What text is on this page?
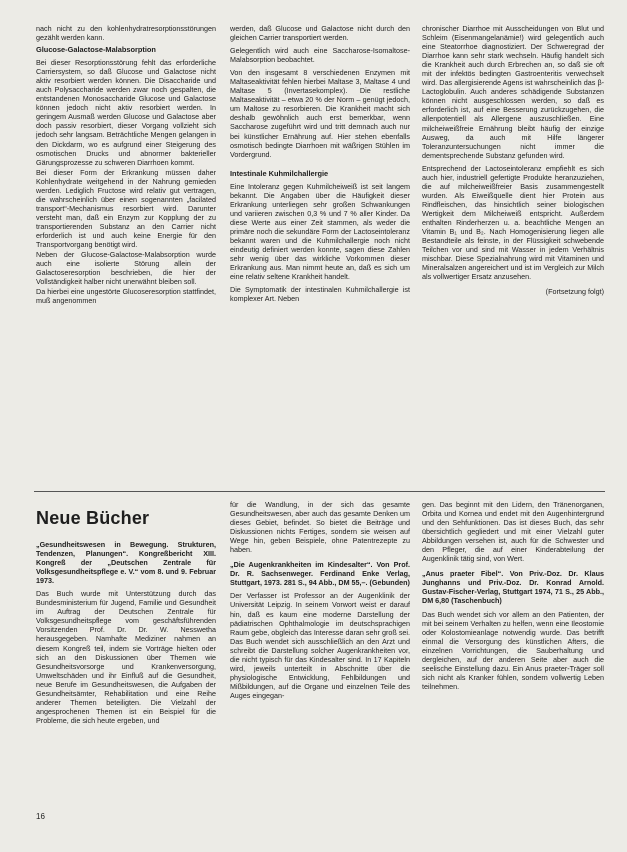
nach nicht zu den kohlenhydratresorptionsstörungen gezählt werden kann.

Glucose-Galactose-Malabsorption

Bei dieser Resorptionsstörung fehlt das erforderliche Carriersystem, so daß Glucose und Galactose nicht aktiv resorbiert werden können. Die Disaccharide und auch Polysaccharide werden zwar noch gespalten, die entstandenen Monosaccharide Glucose und Galactose können jedoch nicht aktiv resorbiert werden. In geringem Ausmaß werden Glucose und Galactose aber doch passiv resorbiert, dieser Vorgang vollzieht sich jedoch sehr langsam. Beträchtliche Mengen gelangen in den Dickdarm, wo es aufgrund einer Steigerung des osmotischen Drucks und abnormer bakterieller Gärungsprozesse zu schweren Diarrhoen kommt.

Bei dieser Form der Erkrankung müssen daher Kohlenhydrate weitgehend in der Nahrung gemieden werden. Lediglich Fructose wird relativ gut vertragen, die wahrscheinlich über einen sogenannten „facilated transport“-Mechanismus resorbiert wird. Darunter versteht man, daß ein Enzym zur Kopplung der zu transportierenden Substanz an den Carrier nicht erforderlich ist und auch keine Energie für den Transportvorgang benötigt wird.

Neben der Glucose-Galactose-Malabsorption wurde auch eine isolierte Störung allein der Galactoseresorption beschrieben, die hier der Vollständigkeit halber nicht unerwähnt bleiben soll.

Da hierbei eine ungestörte Glucoseresorption stattfindet, muß angenommen

werden, daß Glucose und Galactose nicht durch den gleichen Carrier transportiert werden.

Gelegentlich wird auch eine Saccharose-Isomaltose-Malabsorption beobachtet.

Von den insgesamt 8 verschiedenen Enzymen mit Maltaseaktivität fehlen hierbei Maltase 3, Maltase 4 und Maltase 5 (Invertasekomplex). Die restliche Maltaseaktivität – etwa 20 % der Norm – genügt jedoch, um Maltose zu resorbieren. Die Krankheit macht sich deshalb gewöhnlich auch erst bemerkbar, wenn Saccharose zugeführt wird und tritt demnach auch nur bei künstlicher Ernährung auf. Hier stehen ebenfalls osmotisch bedingte Diarrhoen mit wäßrigen Stühlen im Vordergrund.

Intestinale Kuhmilchallergie

Eine Intoleranz gegen Kuhmilcheiweiß ist seit langem bekannt. Die Angaben über die Häufigkeit dieser Erkrankung unterliegen sehr großen Schwankungen und variieren zwischen 0,3 % und 7 % aller Kinder. Da diese Werte aus einer Zeit stammen, als weder die primäre noch die sekundäre Form der Lactoseintoleranz bekannt waren und die Kuhmilchallergie noch nicht eindeutig definiert werden konnte, sagen diese Zahlen sehr wenig über das wirkliche Vorkommen dieser Erkrankung aus. Man nimmt heute an, daß es sich um eine relativ seltene Krankheit handelt.

Die Symptomatik der intestinalen Kuhmilchallergie ist komplexer Art. Neben

chronischer Diarrhoe mit Ausscheidungen von Blut und Schleim (Eisenmangelanämie!) wird gelegentlich auch eine Steatorrhoe diagnostiziert. Der Schweregrad der Diarrhoe kann sehr stark wechseln. Häufig handelt sich die Krankheit auch durch Erbrechen an, so daß sie oft mit der infektös bedingten Gastroenteritis verwechselt wird. Das allergisierende Agens ist wahrscheinlich das β-Lactoglobulin. Auch anderes schädigende Substanzen können nicht ausgeschlossen werden, so daß es erforderlich ist, auf eine Besserung zurückzugehen, die allenpotentiell als Allergene auszuschließen. Eine milcheiweißfreie Ernährung bleibt häufig der einzige Ausweg, da auch mit Hilfe längerer Toleranzuntersuchungen nicht immer die dementsprechende Substanz gefunden wird.

Entsprechend der Lactoseintoleranz empfiehlt es sich auch hier, industriell gefertigte Produkte heranzuziehen, die auf milcheiweißfreier Basis zusammengestellt wurden. Als Eiweißquelle dient hier Protein aus Rindfleischen, das hinsichtlich seiner biologischen Wertigkeit dem Milcheiweiß entspricht. Außerdem enthalten Rinderherzen u. a. beachtliche Mengen an Vitamin B₁ und B₂. Nach Homogenisierung liegen alle Bestandteile als feinste, in der Flüssigkeit schwebende Teilchen vor und sind mit Wasser in jedem Verhältnis mischbar. Diese Spezialnahrung wird mit Vitaminen und Mineralsalzen angereichert und ist im Vergleich zur Milch als vollwertiger Ersatz anzusehen.

(Fortsetzung folgt)

Neue Bücher

„Gesundheitswesen in Bewegung. Strukturen, Tendenzen, Planungen“. Kongreßbericht XIII. Kongreß der „Deutschen Zentrale für Volksgesundheitspflege e. V.“ vom 8. und 9. Februar 1973.

Das Buch wurde mit Unterstützung durch das Bundesministerium für Jugend, Familie und Gesundheit im Auftrag der Deutschen Zentrale für Volksgesundheitspflege vom geschäftsführenden Vorsitzenden Prof. Dr. Dr. W. Nesswetha herausgegeben. Namhafte Mediziner nahmen an diesem Kongreß teil, indem sie Vorträge hielten oder sich an den Diskussionen über Themen wie Gesundheitsvorsorge und Krankenversorgung, Umweltschäden und ihr Einfluß auf die Gesundheit, neue Berufe im Gesundheitswesen, die Aufgaben der Gesundheitsämter, Rehabilitation und eine Reihe anderer Themen beteiligten. Die Vielzahl der angesprochenen Themen ist ein Beispiel für die Probleme, die sich heute ergeben, und

für die Wandlung, in der sich das gesamte Gesundheitswesen, aber auch das gesamte Denken um dieses Gebiet, befindet. So bietet die Beiträge und Diskussionen nichts Fertiges, sondern sie weisen auf Wege hin, geben Beispiele, ohne Patentrezepte zu haben.

„Die Augenkrankheiten im Kindesalter“. Von Prof. Dr. R. Sachsenweger. Ferdinand Enke Verlag, Stuttgart, 1973. 281 S., 94 Abb., DM 55,–. (Gebunden)

Der Verfasser ist Professor an der Augenklinik der Universität Leipzig. In seinem Vorwort weist er darauf hin, daß es kaum eine moderne Darstellung der pädiatrischen Ophthalmologie im deutschsprachigen Raum gebe, obgleich das Interesse daran sehr groß sei. Das Buch wendet sich ausschließlich an den Arzt und schreibt die Darstellung solcher Augenkrankheiten vor, die nicht typisch für das Kindesalter sind. In 17 Kapiteln wird, jeweils unterteilt in Abschnitte über die physiologische Entwicklung, Fehlbildungen und Mißbildungen, auf die Organe und einzelnen Teile des Auges eingegan-

gen. Das beginnt mit den Lidern, den Tränenorganen, Orbita und Kornea und endet mit den Augenhintergrund und den Sehfunktionen. Das ist dieses Buch, das sehr übersichtlich gegliedert und mit einer Vielzahl guter Abbildungen versehen ist, auch für die Schwester und den Pfleger, die auf einer Kinderabteilung der Augenklinik tätig sind, von Wert.

„Anus praeter Fibel“. Von Priv.-Doz. Dr. Klaus Junghanns und Priv.-Doz. Dr. Konrad Arnold. Gustav-Fischer-Verlag, Stuttgart 1974, 71 S., 25 Abb., DM 6,80 (Taschenbuch)

Das Buch wendet sich vor allem an den Patienten, der mit bei seinem Verhalten zu helfen, wenn eine Ileostomie oder Kolostomieanlage notwendig wurde. Das betrifft einmal die Versorgung des künstlichen Afters, die einzelnen Vorrichtungen, die Sauberhaltung und dergleichen, auf der anderen Seite aber auch die seelische Einstellung dazu. Ein Anus praeter-Träger soll sich nicht als Kranker fühlen, sondern vollwertig Leben teilnehmen.

16
